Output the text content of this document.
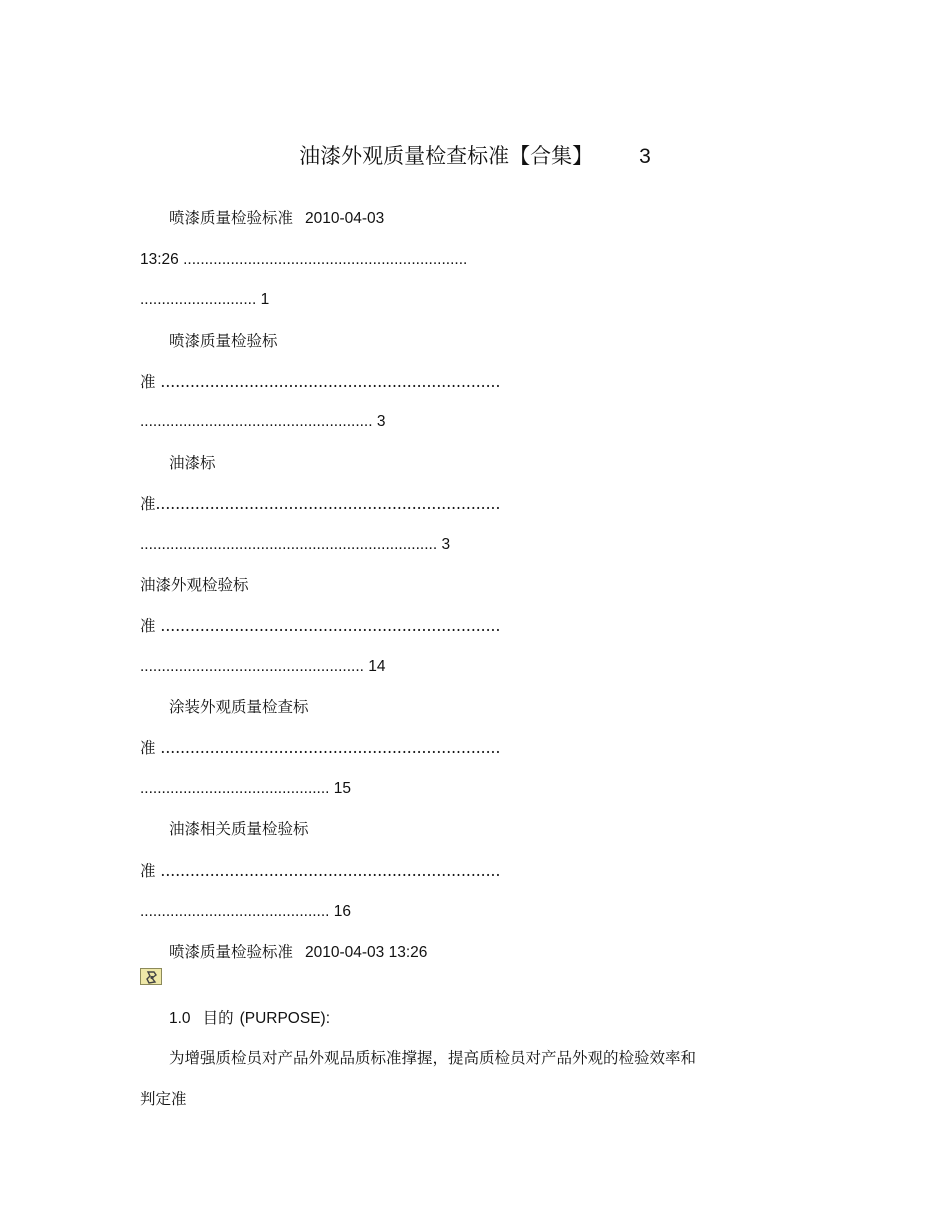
油漆外观质量检查标准【合集】 3
喷漆质量检验标准 2010-04-03
13:26 ..................................................................
........................... 1
喷漆质量检验标
准 .....................................................................
...................................................... 3
油漆标
准......................................................................
..................................................................... 3
油漆外观检验标
准 .....................................................................
.................................................... 14
涂装外观质量检查标
准 .....................................................................
............................................ 15
油漆相关质量检验标
准 .....................................................................
............................................ 16
喷漆质量检验标准 2010-04-03 13:26
1.0 目的 (PURPOSE):
为增强质检员对产品外观品质标准撑握，提高质检员对产品外观的检验效率和
判定准
